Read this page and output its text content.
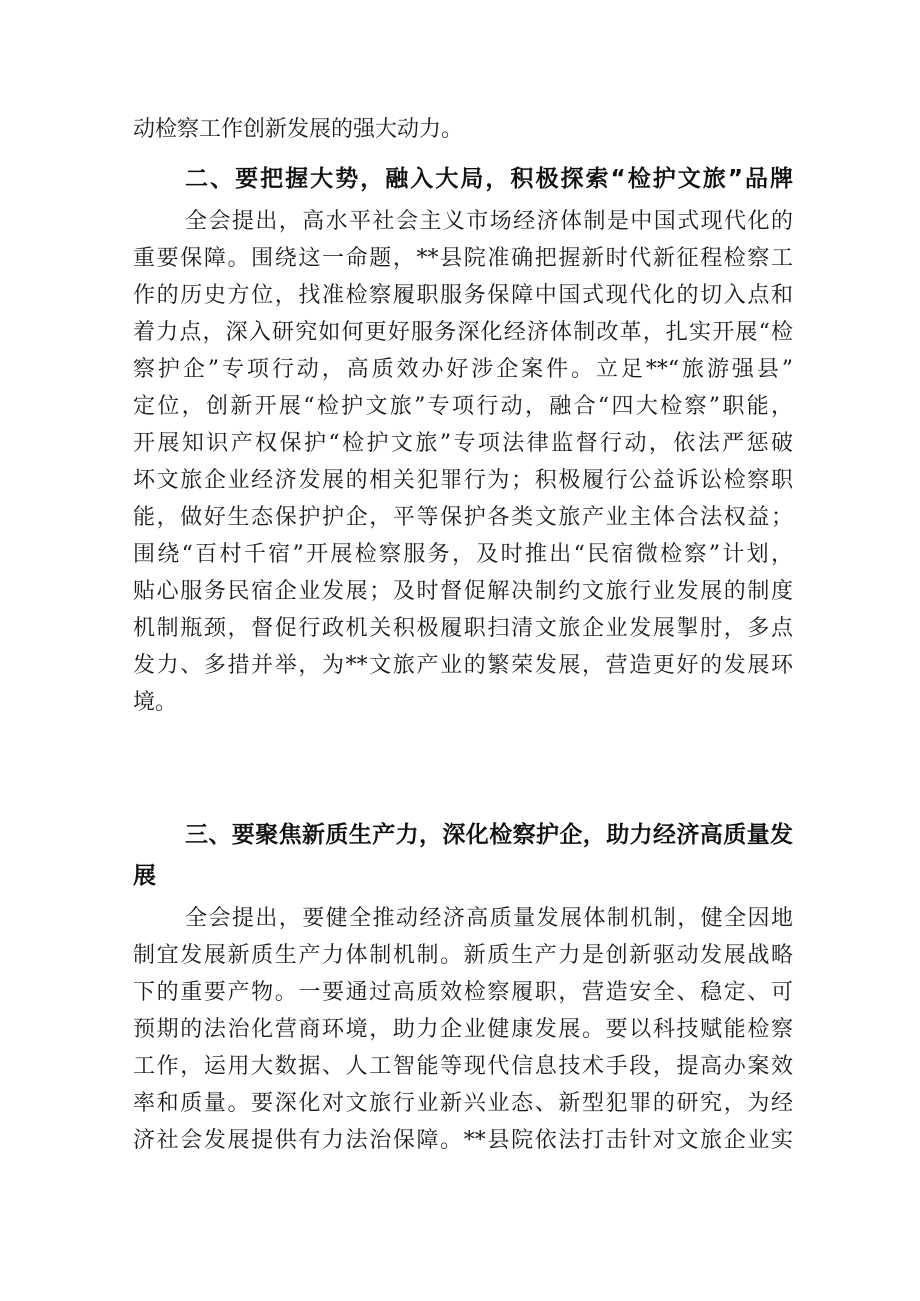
动检察工作创新发展的强大动力。
二、要把握大势，融入大局，积极探索“检护文旅”品牌
全会提出，高水平社会主义市场经济体制是中国式现代化的
重要保障。围绕这一命题，**县院准确把握新时代新征程检察工
作的历史方位，找准检察履职服务保障中国式现代化的切入点和
着力点，深入研究如何更好服务深化经济体制改革，扎实开展“检
察护企”专项行动，高质效办好涉企案件。立足**“旅游强县”
定位，创新开展“检护文旅”专项行动，融合“四大检察”职能，
开展知识产权保护“检护文旅”专项法律监督行动，依法严惩破
坏文旅企业经济发展的相关犯罪行为；积极履行公益诉讼检察职
能，做好生态保护护企，平等保护各类文旅产业主体合法权益；
围绕“百村千宿”开展检察服务，及时推出“民宿微检察”计划，
贴心服务民宿企业发展；及时督促解决制约文旅行业发展的制度
机制瓶颈，督促行政机关积极履职扫清文旅企业发展掣肘，多点
发力、多措并举，为**文旅产业的繁荣发展，营造更好的发展环
境。
三、要聚焦新质生产力，深化检察护企，助力经济高质量发
展
全会提出，要健全推动经济高质量发展体制机制，健全因地
制宜发展新质生产力体制机制。新质生产力是创新驱动发展战略
下的重要产物。一要通过高质效检察履职，营造安全、稳定、可
预期的法治化营商环境，助力企业健康发展。要以科技赋能检察
工作，运用大数据、人工智能等现代信息技术手段，提高办案效
率和质量。要深化对文旅行业新兴业态、新型犯罪的研究，为经
济社会发展提供有力法治保障。**县院依法打击针对文旅企业实
